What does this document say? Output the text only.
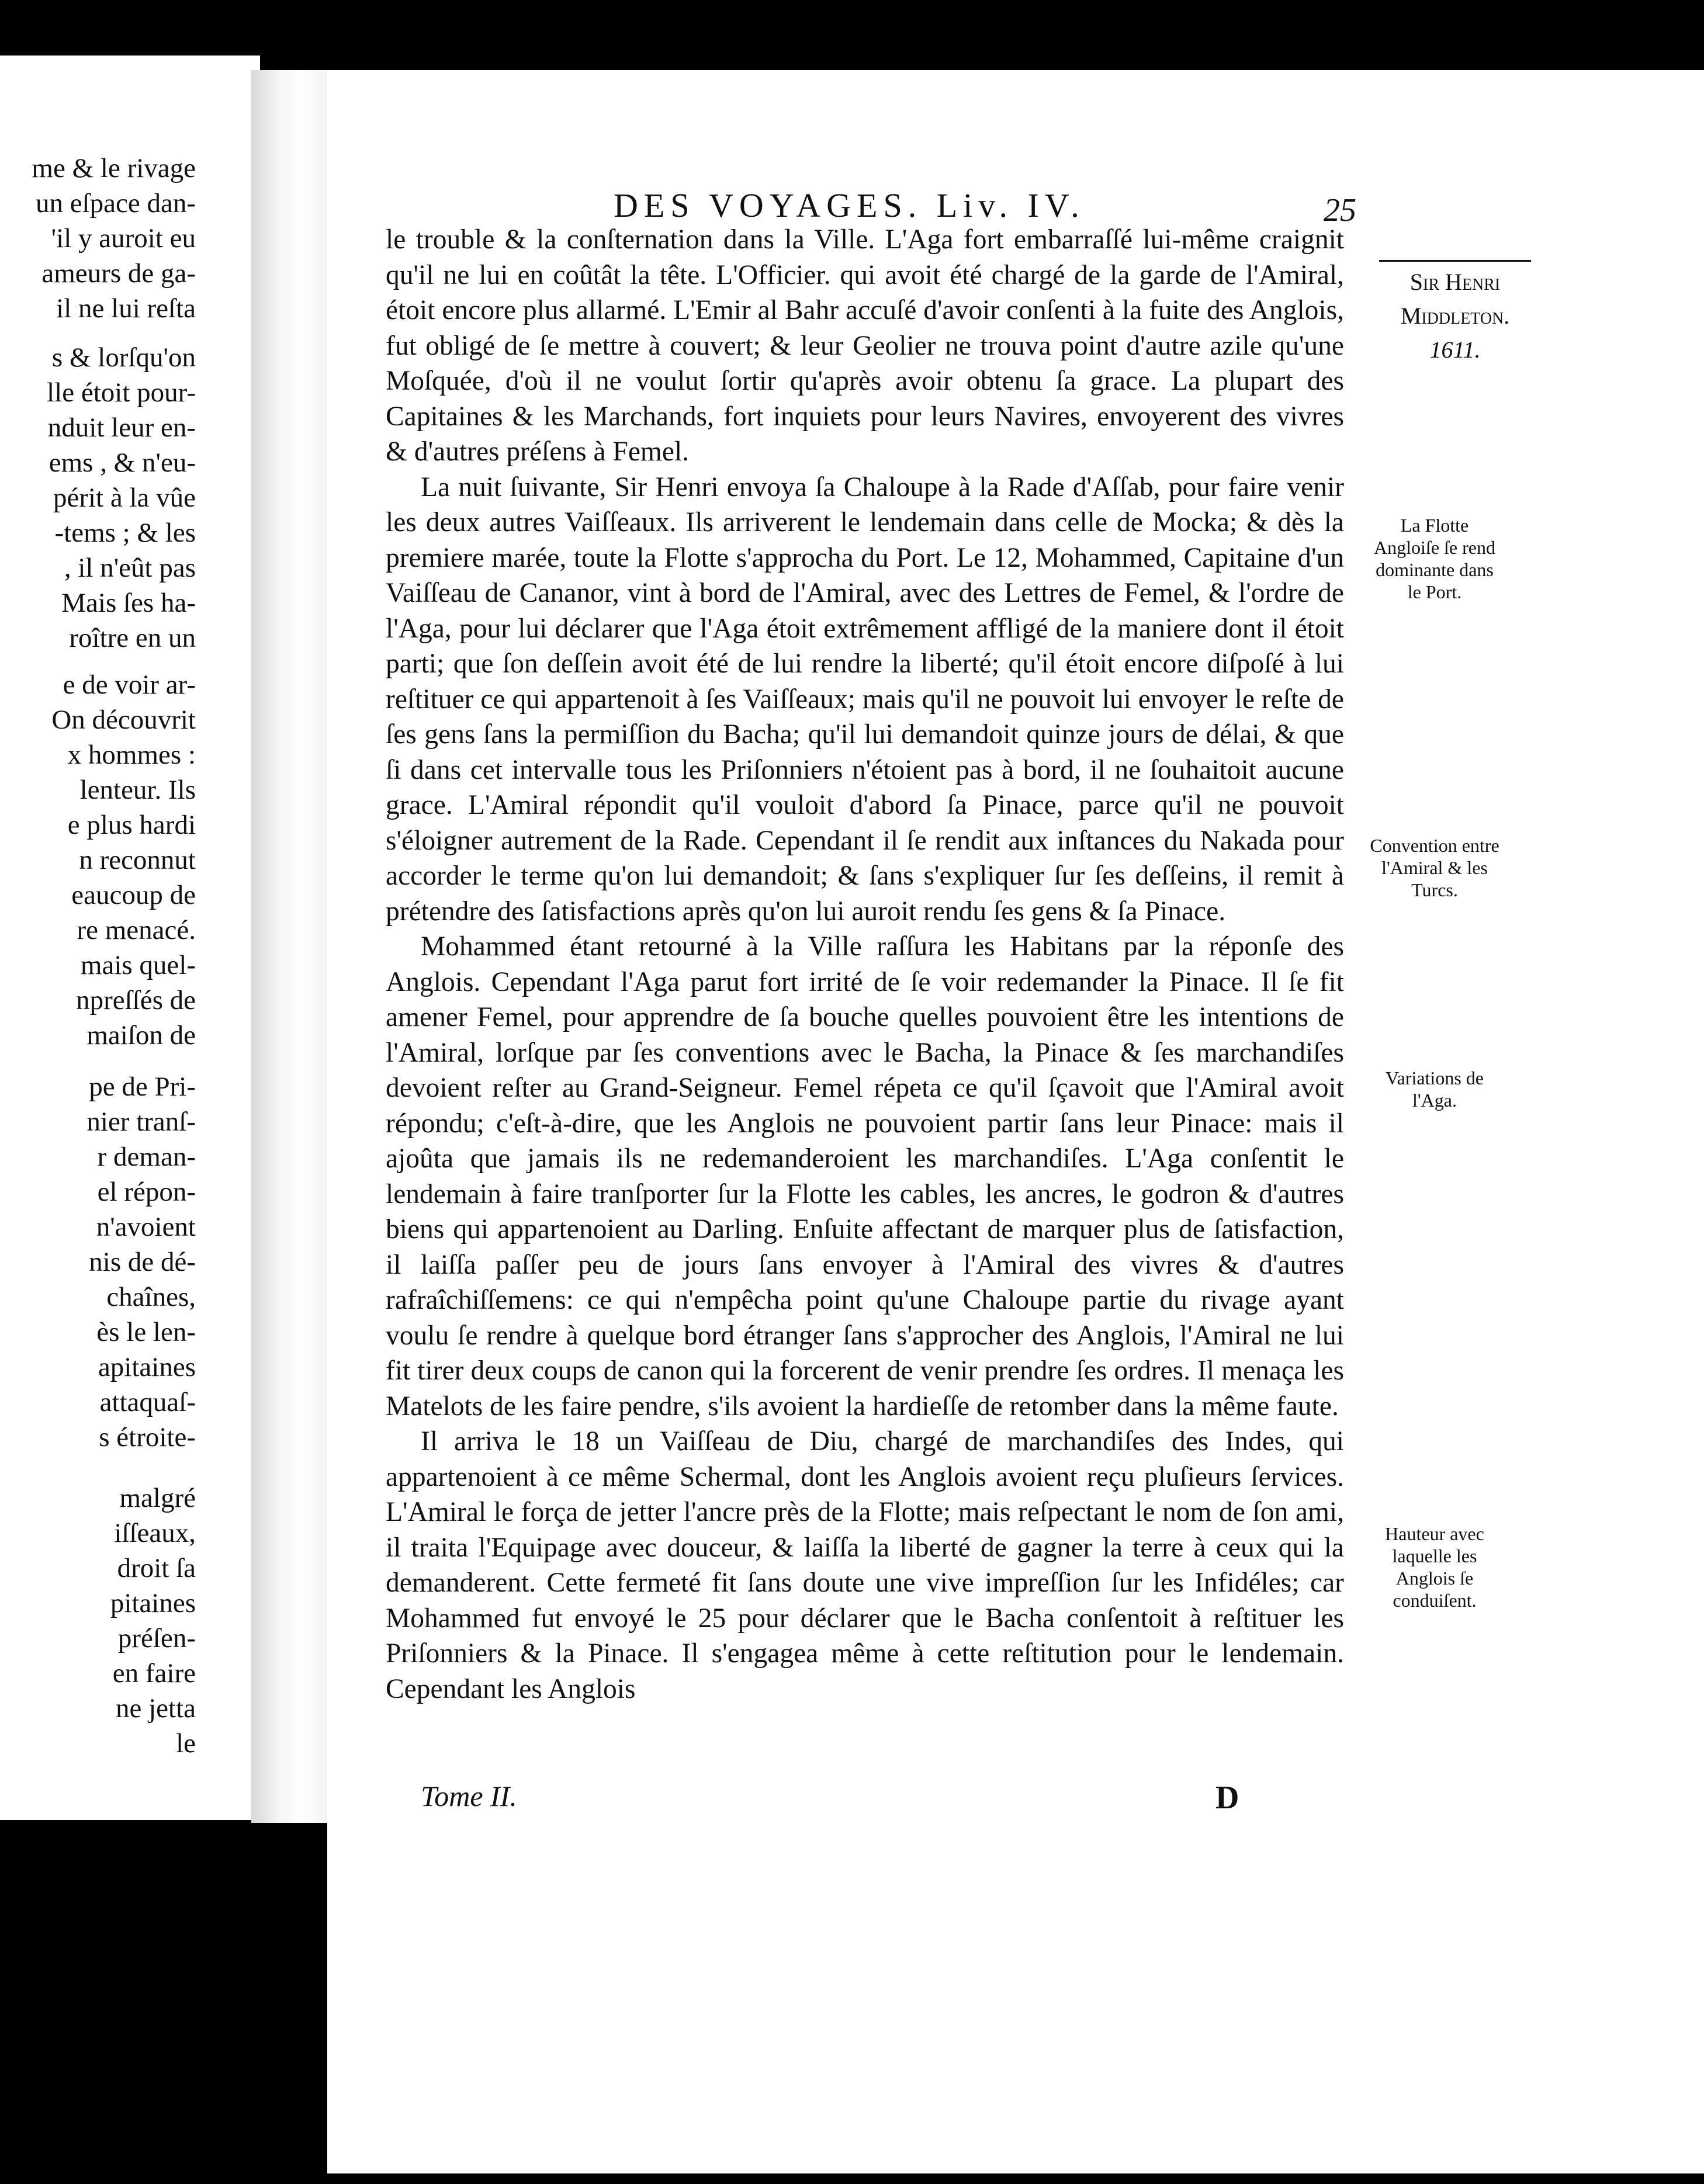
me & le rivage
un eſpace dan-
'il y auroit eu
ameurs de ga-
il ne lui reſta
s & lorſqu'on
lle étoit pour-
nduit leur en-
ems , & n'eu-
périt à la vûe
-tems ; & les
, il n'eût pas
Mais ſes ha-
roître en un
e de voir ar-
On découvrit
x hommes :
lenteur. Ils
e plus hardi
n reconnut
eaucoup de
re menacé.
mais quel-
npreſſés de
maiſon de
pe de Pri-
nier tranſ-
r deman-
el répon-
n'avoient
nis de dé-
chaînes,
ès le len-
apitaines
attaquaſ-
s étroite-
malgré
iſſeaux,
droit ſa
pitaines
préſen-
en faire
ne jetta
le
DES VOYAGES. Liv. IV.	25
Sir Henri
Middleton.
1611.
La Flotte Angloiſe ſe rend dominante dans le Port.
Convention entre l'Amiral & les Turcs.
Variations de l'Aga.
Hauteur avec laquelle les Anglois ſe conduiſent.

le trouble & la conſternation dans la Ville. L'Aga fort embarraſſé lui-même craignit qu'il ne lui en coûtât la tête. L'Officier. qui avoit été chargé de la garde de l'Amiral, étoit encore plus allarmé. L'Emir al Bahr accuſé d'avoir conſenti à la fuite des Anglois, fut obligé de ſe mettre à couvert; & leur Geolier ne trouva point d'autre azile qu'une Moſquée, d'où il ne voulut ſortir qu'après avoir obtenu ſa grace. La plupart des Capitaines & les Marchands, fort inquiets pour leurs Navires, envoyerent des vivres & d'autres préſens à Femel.

La nuit ſuivante, Sir Henri envoya ſa Chaloupe à la Rade d'Aſſab, pour faire venir les deux autres Vaiſſeaux. Ils arriverent le lendemain dans celle de Mocka; & dès la premiere marée, toute la Flotte s'approcha du Port. Le 12, Mohammed, Capitaine d'un Vaiſſeau de Cananor, vint à bord de l'Amiral, avec des Lettres de Femel, & l'ordre de l'Aga, pour lui déclarer que l'Aga étoit extrêmement affligé de la maniere dont il étoit parti; que ſon deſſein avoit été de lui rendre la liberté; qu'il étoit encore diſpoſé à lui reſtituer ce qui appartenoit à ſes Vaiſſeaux; mais qu'il ne pouvoit lui envoyer le reſte de ſes gens ſans la permiſſion du Bacha; qu'il lui demandoit quinze jours de délai, & que ſi dans cet intervalle tous les Priſonniers n'étoient pas à bord, il ne ſouhaitoit aucune grace. L'Amiral répondit qu'il vouloit d'abord ſa Pinace, parce qu'il ne pouvoit s'éloigner autrement de la Rade. Cependant il ſe rendit aux inſtances du Nakada pour accorder le terme qu'on lui demandoit; & ſans s'expliquer ſur ſes deſſeins, il remit à prétendre des ſatisfactions après qu'on lui auroit rendu ſes gens & ſa Pinace.

Mohammed étant retourné à la Ville raſſura les Habitans par la réponſe des Anglois. Cependant l'Aga parut fort irrité de ſe voir redemander la Pinace. Il ſe fit amener Femel, pour apprendre de ſa bouche quelles pouvoient être les intentions de l'Amiral, lorſque par ſes conventions avec le Bacha, la Pinace & ſes marchandiſes devoient reſter au Grand-Seigneur. Femel répeta ce qu'il ſçavoit que l'Amiral avoit répondu; c'eſt-à-dire, que les Anglois ne pouvoient partir ſans leur Pinace: mais il ajoûta que jamais ils ne redemanderoient les marchandiſes. L'Aga conſentit le lendemain à faire tranſporter ſur la Flotte les cables, les ancres, le godron & d'autres biens qui appartenoient au Darling. Enſuite affectant de marquer plus de ſatisfaction, il laiſſa paſſer peu de jours ſans envoyer à l'Amiral des vivres & d'autres rafraîchiſſemens: ce qui n'empêcha point qu'une Chaloupe partie du rivage ayant voulu ſe rendre à quelque bord étranger ſans s'approcher des Anglois, l'Amiral ne lui fit tirer deux coups de canon qui la forcerent de venir prendre ſes ordres. Il menaça les Matelots de les faire pendre, s'ils avoient la hardieſſe de retomber dans la même faute.

Il arriva le 18 un Vaiſſeau de Diu, chargé de marchandiſes des Indes, qui appartenoient à ce même Schermal, dont les Anglois avoient reçu pluſieurs ſervices. L'Amiral le força de jetter l'ancre près de la Flotte; mais reſpectant le nom de ſon ami, il traita l'Equipage avec douceur, & laiſſa la liberté de gagner la terre à ceux qui la demanderent. Cette fermeté fit ſans doute une vive impreſſion ſur les Infidéles; car Mohammed fut envoyé le 25 pour déclarer que le Bacha conſentoit à reſtituer les Priſonniers & la Pinace. Il s'engagea même à cette reſtitution pour le lendemain. Cependant les Anglois

Tome II.	D
